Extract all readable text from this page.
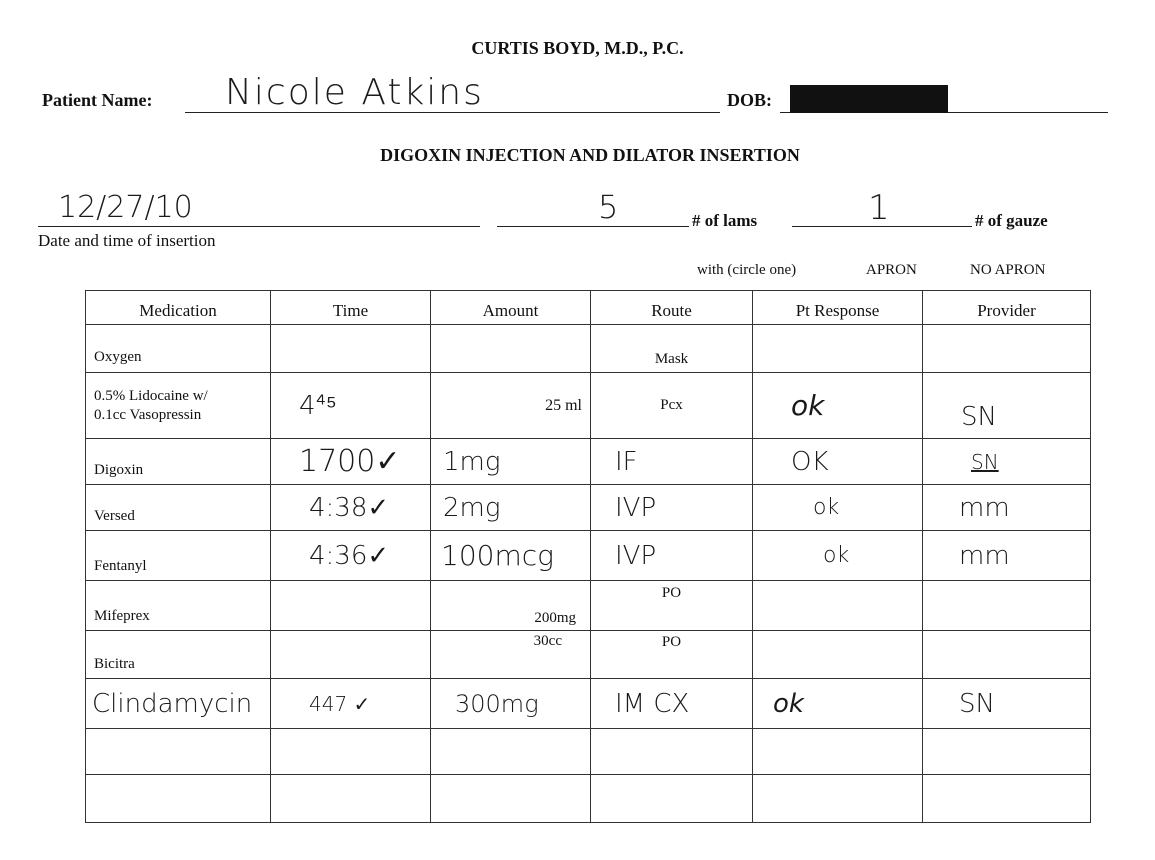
CURTIS BOYD, M.D., P.C.
Patient Name: Nicole Atkins	DOB:
DIGOXIN INJECTION AND DILATOR INSERTION
12/27/10
Date and time of insertion
5	# of lams	1	# of gauze
with (circle one)	APRON	NO APRON
Medication	Time	Amount	Route	Pt Response	Provider

Oxygen			Mask		

0.5% Lidocaine w/
0.1cc Vasopressin	4⁴⁵	25 ml	Pcx	ok	SN

Digoxin	1700✓	1mg	IF	OK	SN

Versed	4:38✓	2mg	IVP	ok	mm

Fentanyl	4:36✓	100mcg	IVP	ok	mm

Mifeprex		200mg	PO		

Bicitra		30cc	PO		

Clindamycin	447 ✓	300mg	IM CX	ok	SN
